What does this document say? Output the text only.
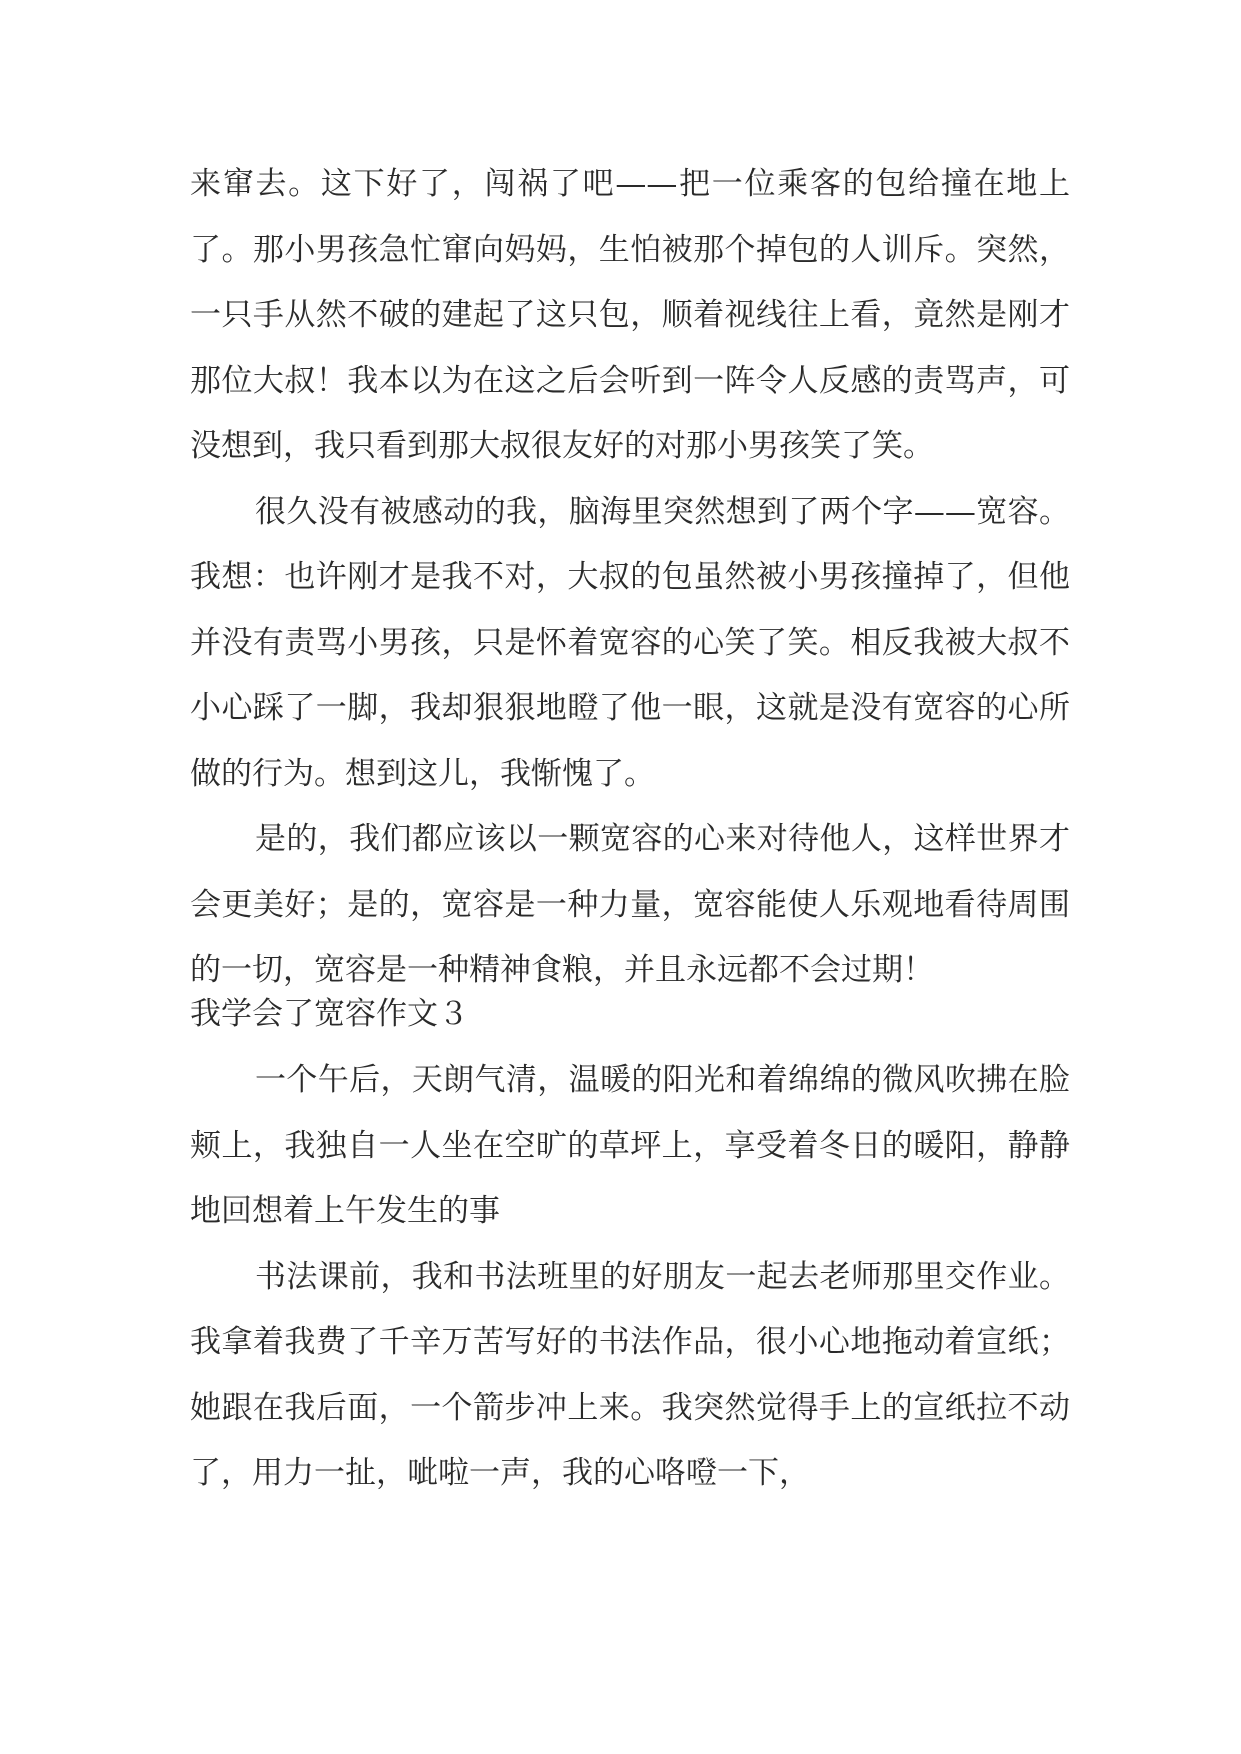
来窜去。这下好了，闯祸了吧——把一位乘客的包给撞在地上了。那小男孩急忙窜向妈妈，生怕被那个掉包的人训斥。突然，一只手从然不破的建起了这只包，顺着视线往上看，竟然是刚才那位大叔！我本以为在这之后会听到一阵令人反感的责骂声，可没想到，我只看到那大叔很友好的对那小男孩笑了笑。

很久没有被感动的我，脑海里突然想到了两个字——宽容。我想：也许刚才是我不对，大叔的包虽然被小男孩撞掉了，但他并没有责骂小男孩，只是怀着宽容的心笑了笑。相反我被大叔不小心踩了一脚，我却狠狠地瞪了他一眼，这就是没有宽容的心所做的行为。想到这儿，我惭愧了。

是的，我们都应该以一颗宽容的心来对待他人，这样世界才会更美好；是的，宽容是一种力量，宽容能使人乐观地看待周围的一切，宽容是一种精神食粮，并且永远都不会过期！

我学会了宽容作文３

一个午后，天朗气清，温暖的阳光和着绵绵的微风吹拂在脸颊上，我独自一人坐在空旷的草坪上，享受着冬日的暖阳，静静地回想着上午发生的事

书法课前，我和书法班里的好朋友一起去老师那里交作业。我拿着我费了千辛万苦写好的书法作品，很小心地拖动着宣纸；她跟在我后面，一个箭步冲上来。我突然觉得手上的宣纸拉不动了，用力一扯，呲啦一声，我的心咯噔一下，
